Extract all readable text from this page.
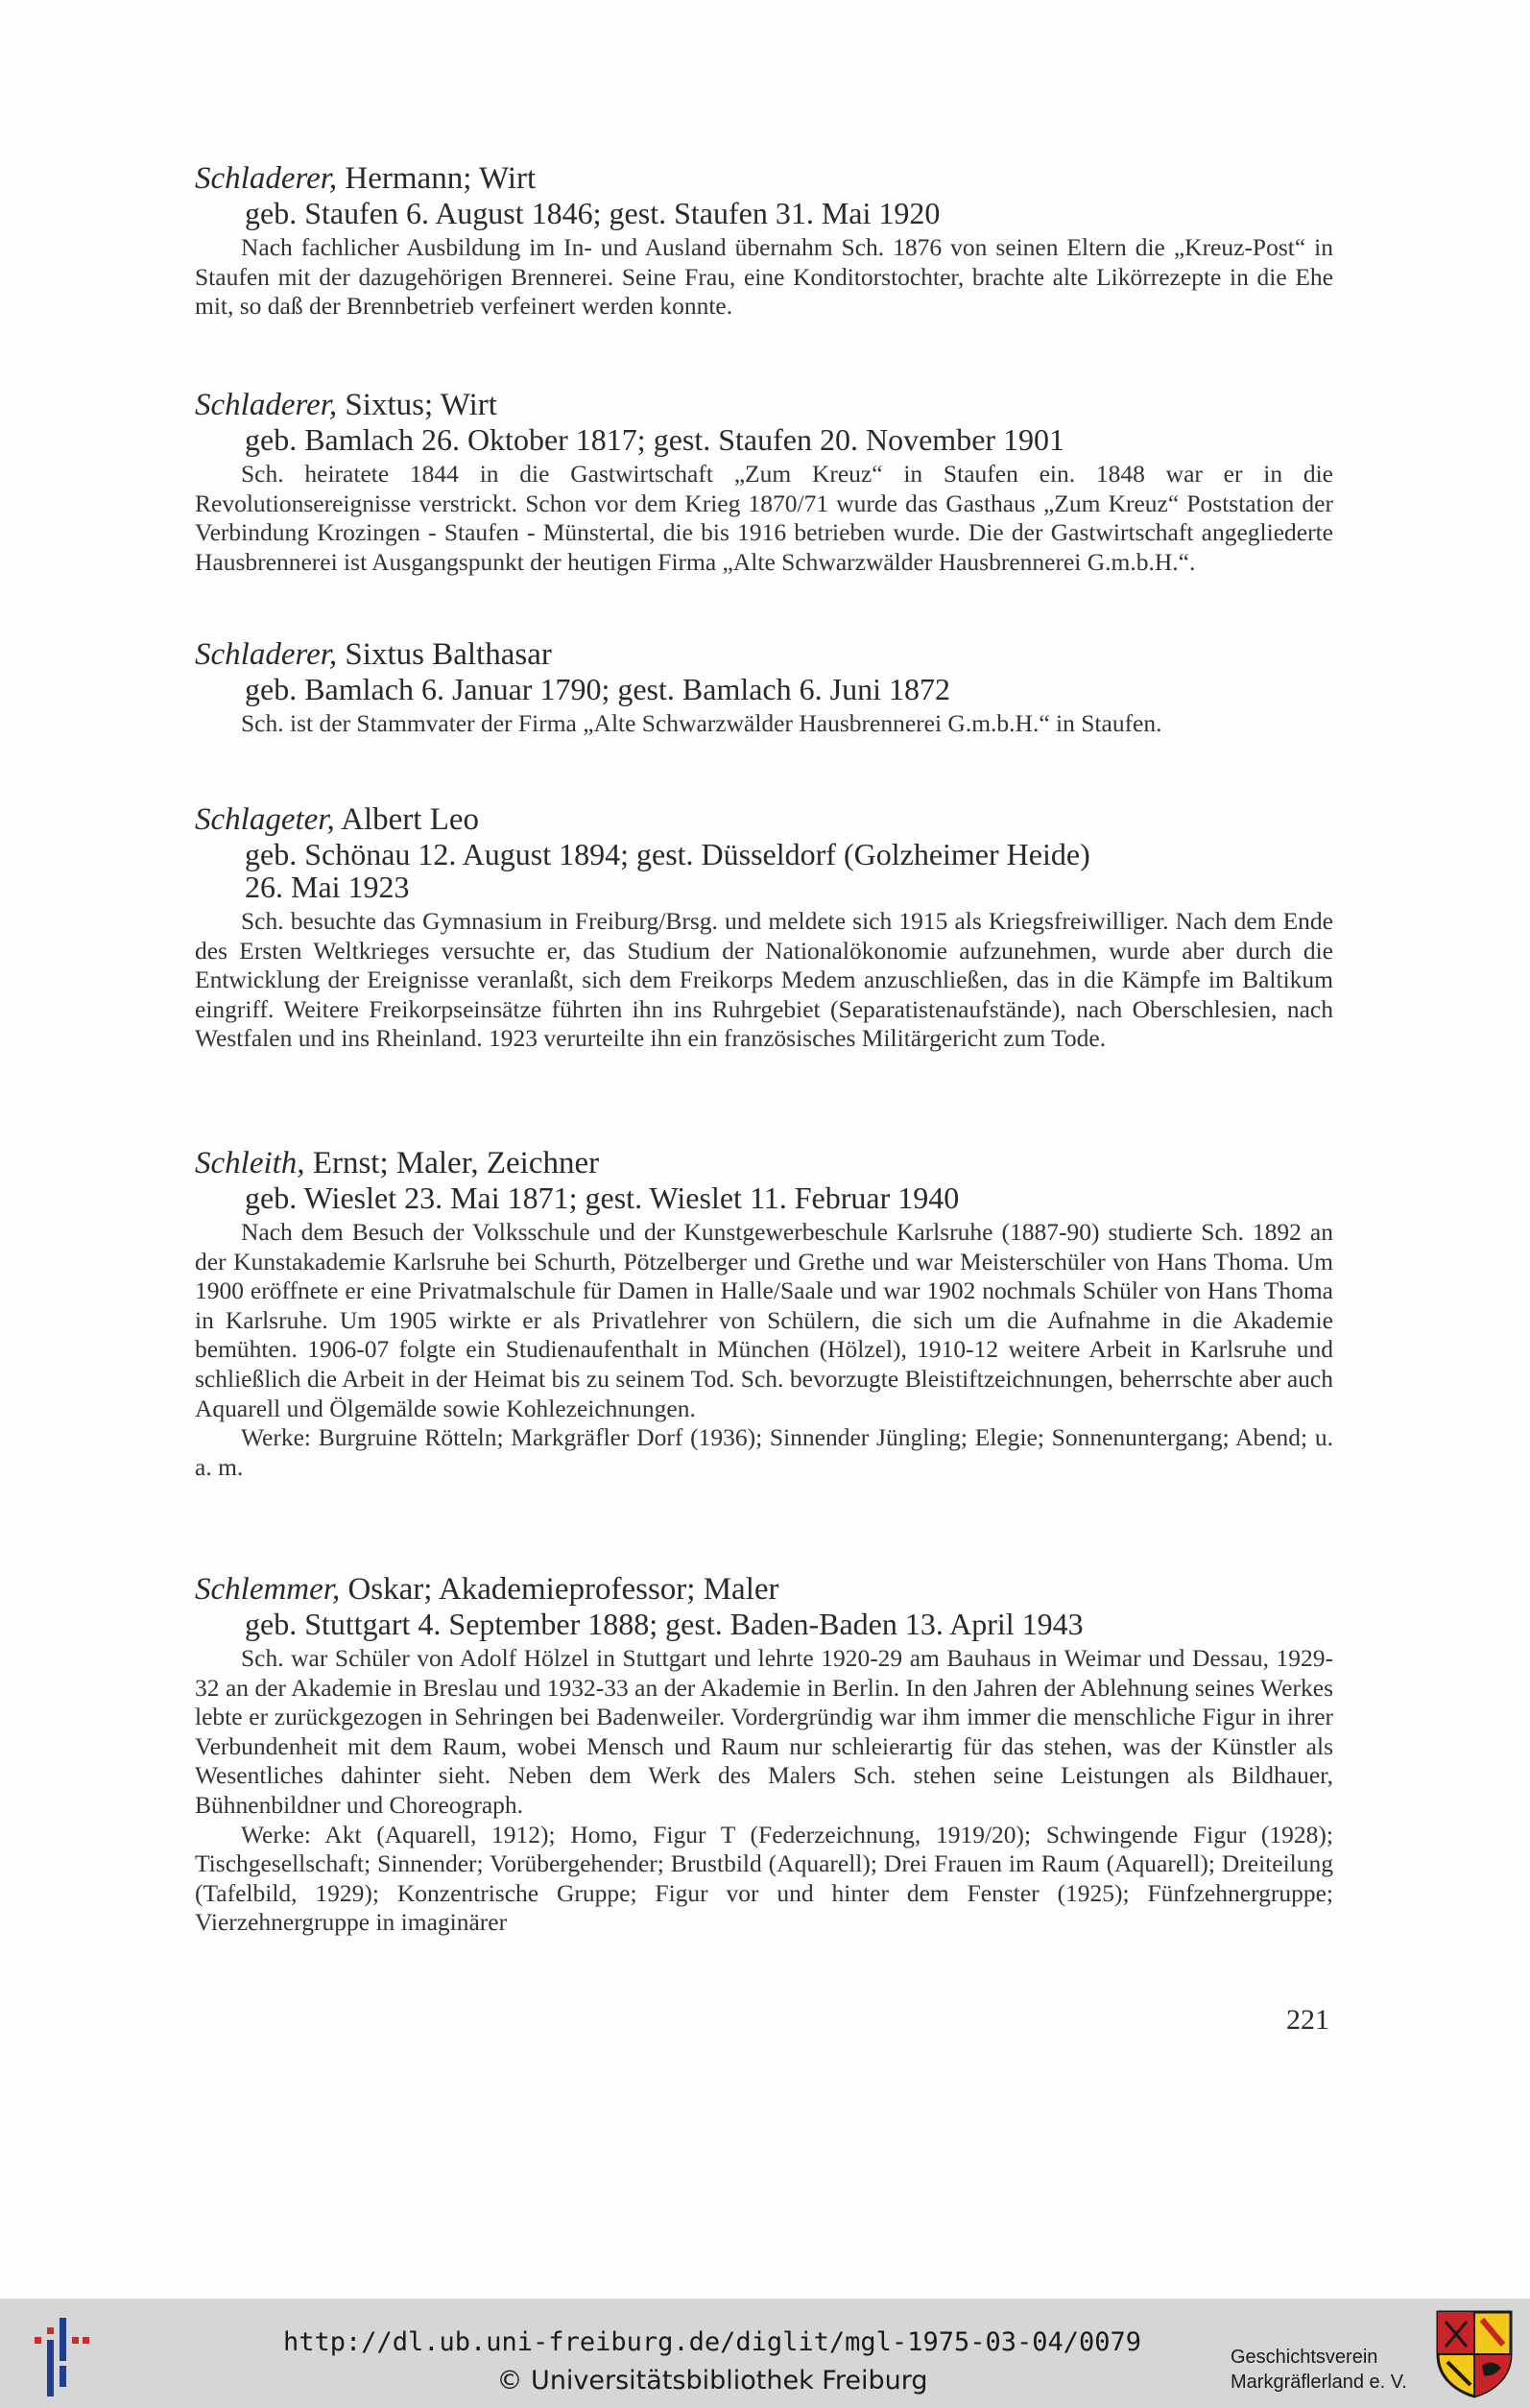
Schladerer, Hermann; Wirt
geb. Staufen 6. August 1846; gest. Staufen 31. Mai 1920
Nach fachlicher Ausbildung im In- und Ausland übernahm Sch. 1876 von seinen Eltern die „Kreuz-Post“ in Staufen mit der dazugehörigen Brennerei. Seine Frau, eine Konditorstochter, brachte alte Likörrezepte in die Ehe mit, so daß der Brennbetrieb verfeinert werden konnte.
Schladerer, Sixtus; Wirt
geb. Bamlach 26. Oktober 1817; gest. Staufen 20. November 1901
Sch. heiratete 1844 in die Gastwirtschaft „Zum Kreuz“ in Staufen ein. 1848 war er in die Revolutionsereignisse verstrickt. Schon vor dem Krieg 1870/71 wurde das Gasthaus „Zum Kreuz“ Poststation der Verbindung Krozingen - Staufen - Münstertal, die bis 1916 betrieben wurde. Die der Gastwirtschaft angegliederte Hausbrennerei ist Ausgangspunkt der heutigen Firma „Alte Schwarzwälder Hausbrennerei G.m.b.H.“.
Schladerer, Sixtus Balthasar
geb. Bamlach 6. Januar 1790; gest. Bamlach 6. Juni 1872
Sch. ist der Stammvater der Firma „Alte Schwarzwälder Hausbrennerei G.m.b.H.“ in Staufen.
Schlageter, Albert Leo
geb. Schönau 12. August 1894; gest. Düsseldorf (Golzheimer Heide)
26. Mai 1923
Sch. besuchte das Gymnasium in Freiburg/Brsg. und meldete sich 1915 als Kriegsfreiwilliger. Nach dem Ende des Ersten Weltkrieges versuchte er, das Studium der Nationalökonomie aufzunehmen, wurde aber durch die Entwicklung der Ereignisse veranlaßt, sich dem Freikorps Medem anzuschließen, das in die Kämpfe im Baltikum eingriff. Weitere Freikorpseinsätze führten ihn ins Ruhrgebiet (Separatistenaufstände), nach Oberschlesien, nach Westfalen und ins Rheinland. 1923 verurteilte ihn ein französisches Militärgericht zum Tode.
Schleith, Ernst; Maler, Zeichner
geb. Wieslet 23. Mai 1871; gest. Wieslet 11. Februar 1940
Nach dem Besuch der Volksschule und der Kunstgewerbeschule Karlsruhe (1887-90) studierte Sch. 1892 an der Kunstakademie Karlsruhe bei Schurth, Pötzelberger und Grethe und war Meisterschüler von Hans Thoma. Um 1900 eröffnete er eine Privatmalschule für Damen in Halle/Saale und war 1902 nochmals Schüler von Hans Thoma in Karlsruhe. Um 1905 wirkte er als Privatlehrer von Schülern, die sich um die Aufnahme in die Akademie bemühten. 1906-07 folgte ein Studienaufenthalt in München (Hölzel), 1910-12 weitere Arbeit in Karlsruhe und schließlich die Arbeit in der Heimat bis zu seinem Tod. Sch. bevorzugte Bleistiftzeichnungen, beherrschte aber auch Aquarell und Ölgemälde sowie Kohlezeichnungen.
Werke: Burgruine Rötteln; Markgräfler Dorf (1936); Sinnender Jüngling; Elegie; Sonnenuntergang; Abend; u. a. m.
Schlemmer, Oskar; Akademieprofessor; Maler
geb. Stuttgart 4. September 1888; gest. Baden-Baden 13. April 1943
Sch. war Schüler von Adolf Hölzel in Stuttgart und lehrte 1920-29 am Bauhaus in Weimar und Dessau, 1929-32 an der Akademie in Breslau und 1932-33 an der Akademie in Berlin. In den Jahren der Ablehnung seines Werkes lebte er zurückgezogen in Sehringen bei Badenweiler. Vordergründig war ihm immer die menschliche Figur in ihrer Verbundenheit mit dem Raum, wobei Mensch und Raum nur schleierartig für das stehen, was der Künstler als Wesentliches dahinter sieht. Neben dem Werk des Malers Sch. stehen seine Leistungen als Bildhauer, Bühnenbildner und Choreograph.
Werke: Akt (Aquarell, 1912); Homo, Figur T (Federzeichnung, 1919/20); Schwingende Figur (1928); Tischgesellschaft; Sinnender; Vorübergehender; Brustbild (Aquarell); Drei Frauen im Raum (Aquarell); Dreiteilung (Tafelbild, 1929); Konzentrische Gruppe; Figur vor und hinter dem Fenster (1925); Fünfzehnergruppe; Vierzehnergruppe in imaginärer
221
http://dl.ub.uni-freiburg.de/diglit/mgl-1975-03-04/0079
© Universitätsbibliothek Freiburg
Geschichtsverein
Markgräflerland e. V.
